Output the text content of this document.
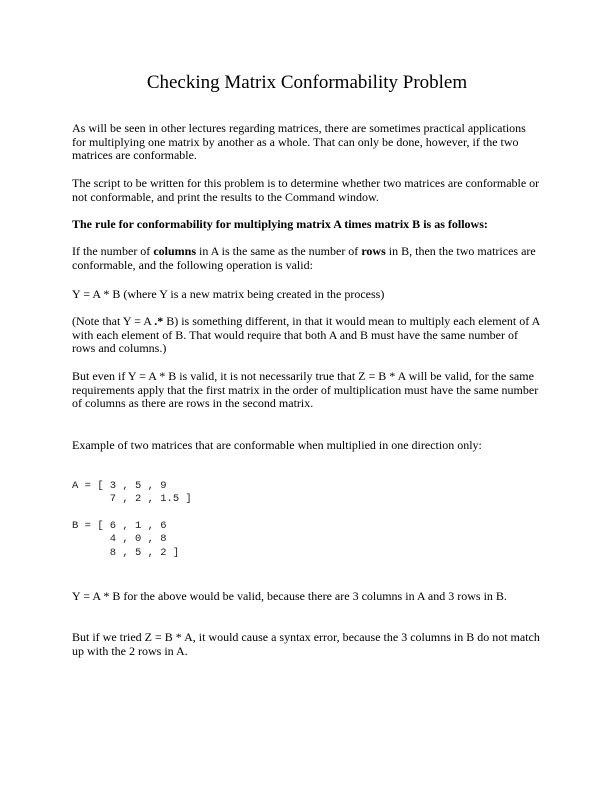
Checking Matrix Conformability Problem

As will be seen in other lectures regarding matrices, there are sometimes practical applications for multiplying one matrix by another as a whole. That can only be done, however, if the two matrices are conformable.

The script to be written for this problem is to determine whether two matrices are conformable or not conformable, and print the results to the Command window.

The rule for conformability for multiplying matrix A times matrix B is as follows:

If the number of columns in A is the same as the number of rows in B, then the two matrices are conformable, and the following operation is valid:

Y = A * B (where Y is a new matrix being created in the process)

(Note that Y = A .* B) is something different, in that it would mean to multiply each element of A with each element of B. That would require that both A and B must have the same number of rows and columns.)

But even if Y = A * B is valid, it is not necessarily true that Z = B * A will be valid, for the same requirements apply that the first matrix in the order of multiplication must have the same number of columns as there are rows in the second matrix.

Example of two matrices that are conformable when multiplied in one direction only:

A = [ 3 , 5 , 9
7 , 2 , 1.5 ]
B = [ 6 , 1 , 6
4 , 0 , 8
8 , 5 , 2 ]

Y = A * B for the above would be valid, because there are 3 columns in A and 3 rows in B.

But if we tried Z = B * A, it would cause a syntax error, because the 3 columns in B do not match up with the 2 rows in A.
